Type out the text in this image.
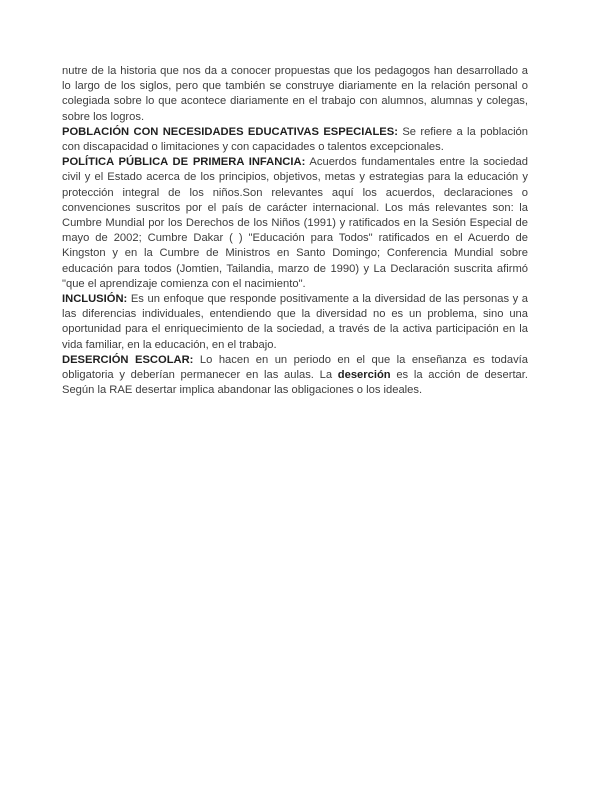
nutre de la historia que nos da a conocer propuestas que los pedagogos han desarrollado a lo largo de los siglos, pero que también se construye diariamente en la relación personal o colegiada sobre lo que acontece diariamente en el trabajo con alumnos, alumnas y colegas, sobre los logros.

POBLACIÓN CON NECESIDADES EDUCATIVAS ESPECIALES: Se refiere a la población con discapacidad o limitaciones y con capacidades o talentos excepcionales.

POLÍTICA PÚBLICA DE PRIMERA INFANCIA: Acuerdos fundamentales entre la sociedad civil y el Estado acerca de los principios, objetivos, metas y estrategias para la educación y protección integral de los niños.Son relevantes aquí los acuerdos, declaraciones o convenciones suscritos por el país de carácter internacional. Los más relevantes son: la Cumbre Mundial por los Derechos de los Niños (1991) y ratificados en la Sesión Especial de mayo de 2002; Cumbre Dakar ( ) "Educación para Todos" ratificados en el Acuerdo de Kingston y en la Cumbre de Ministros en Santo Domingo; Conferencia Mundial sobre educación para todos (Jomtien, Tailandia, marzo de 1990) y La Declaración suscrita afirmó "que el aprendizaje comienza con el nacimiento".

INCLUSIÓN: Es un enfoque que responde positivamente a la diversidad de las personas y a las diferencias individuales, entendiendo que la diversidad no es un problema, sino una oportunidad para el enriquecimiento de la sociedad, a través de la activa participación en la vida familiar, en la educación, en el trabajo.

DESERCIÓN ESCOLAR: Lo hacen en un periodo en el que la enseñanza es todavía obligatoria y deberían permanecer en las aulas. La deserción es la acción de desertar. Según la RAE desertar implica abandonar las obligaciones o los ideales.
